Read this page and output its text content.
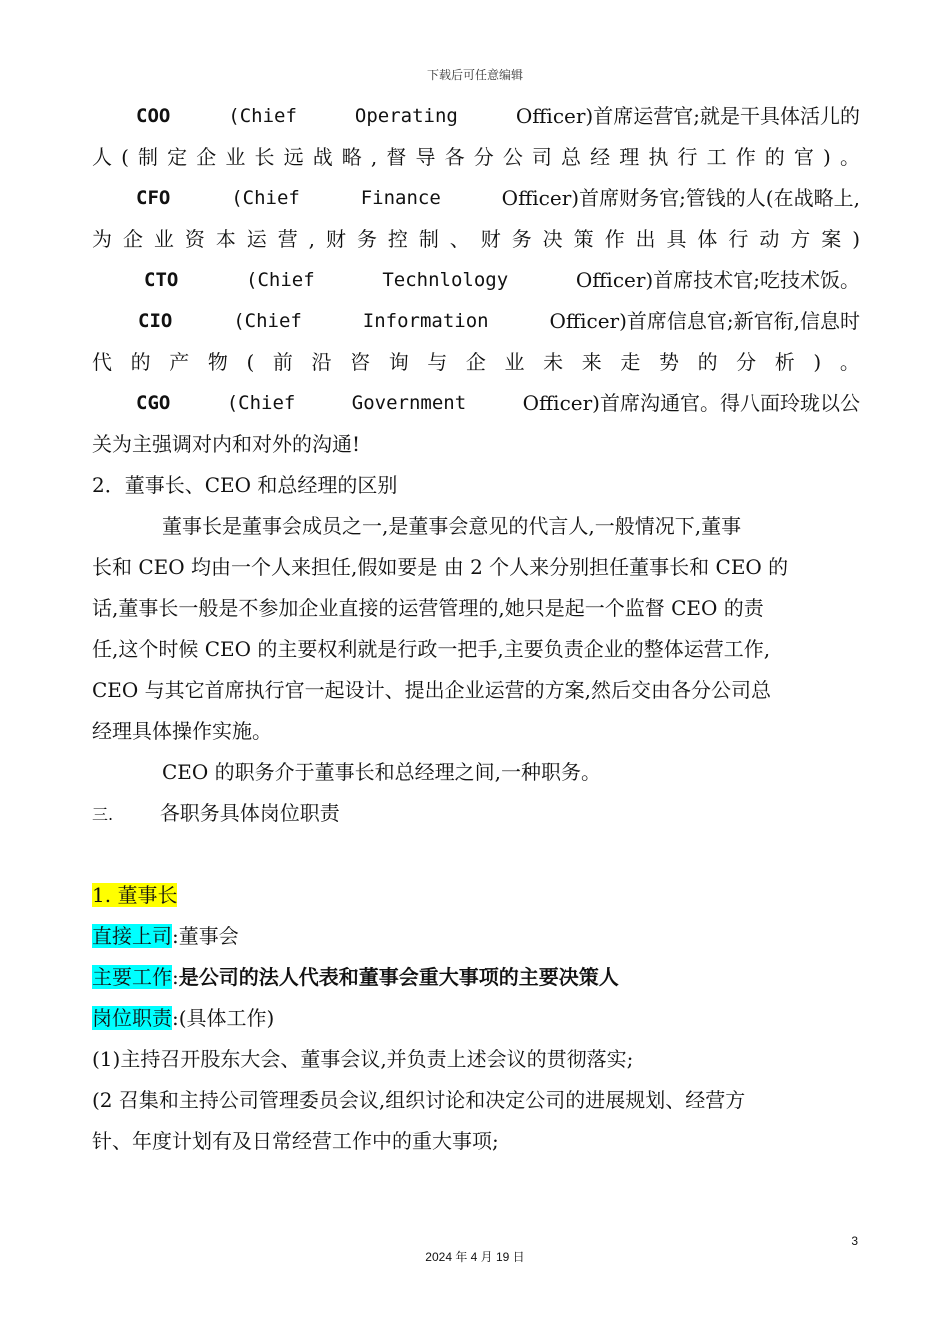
下载后可任意编辑
COO	(Chief	Operating	Officer)首席运营官;就是干具体活儿的
人 ( 制 定 企 业 长 远 战 略 , 督 导 各 分 公 司 总 经 理 执 行 工 作 的 官 ) 。
CFO	(Chief	Finance	Officer)首席财务官;管钱的人(在战略上,
为 企 业 资 本 运 营 , 财 务 控 制 、 财 务 决 策 作 出 具 体 行 动 方 案 )
CTO	(Chief	Technlology	Officer)首席技术官;吃技术饭。
CIO	(Chief	Information	Officer)首席信息官;新官衔,信息时
代 的 产 物 ( 前 沿 咨 询 与 企 业 未 来 走 势 的 分 析 ) 。
CGO	(Chief	Government	Officer)首席沟通官。得八面玲珑以公
关为主强调对内和对外的沟通!
2．董事长、CEO 和总经理的区别
董事长是董事会成员之一,是董事会意见的代言人,一般情况下,董事
长和 CEO 均由一个人来担任,假如要是 由 2 个人来分别担任董事长和 CEO 的
话,董事长一般是不参加企业直接的运营管理的,她只是起一个监督 CEO 的责
任,这个时候 CEO 的主要权利就是行政一把手,主要负责企业的整体运营工作,
CEO 与其它首席执行官一起设计、提出企业运营的方案,然后交由各分公司总
经理具体操作实施。
CEO 的职务介于董事长和总经理之间,一种职务。
三. 各职务具体岗位职责
1. 董事长
直接上司:董事会
主要工作:是公司的法人代表和董事会重大事项的主要决策人
岗位职责:(具体工作)
(1)主持召开股东大会、董事会议,并负责上述会议的贯彻落实;
(2 召集和主持公司管理委员会议,组织讨论和决定公司的进展规划、经营方
针、年度计划有及日常经营工作中的重大事项;
3
2024 年 4 月 19 日
